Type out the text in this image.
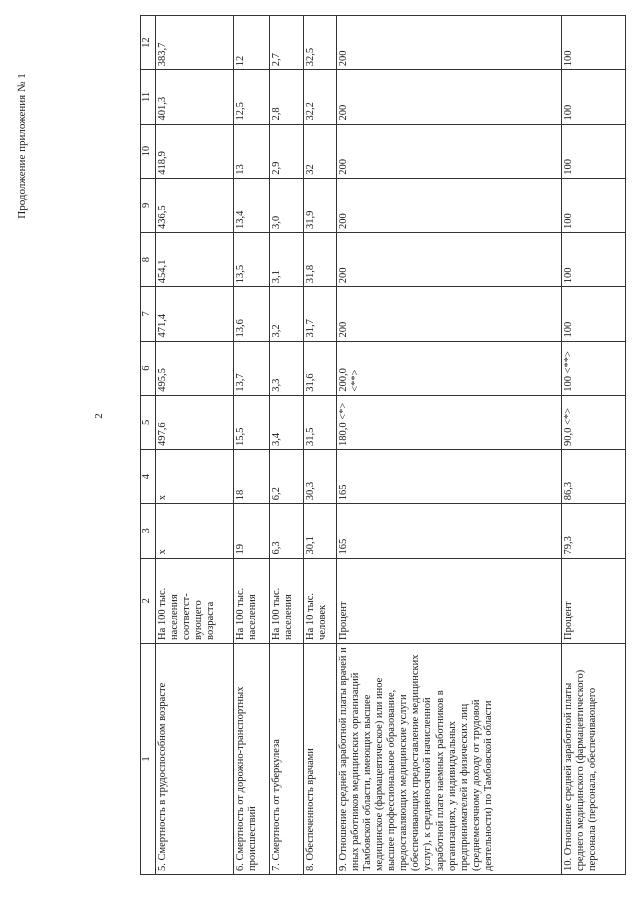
2
Продолжение приложения № 1
1	2	3	4	5	6	7	8	9	10	11	12
5. Смертность в трудоспособном возрасте	На 100 тыс. населения соответст-вующего возраста	х	х	497,6	495,5	471,4	454,1	436,5	418,9	401,3	383,7
6. Смертность от дорожно-транспортных происшествий	На 100 тыс. населения	19	18	15,5	13,7	13,6	13,5	13,4	13	12,5	12
7. Смертность от туберкулеза	На 100 тыс. населения	6,3	6,2	3,4	3,3	3,2	3,1	3,0	2,9	2,8	2,7
8. Обеспеченность врачами	На 10 тыс. человек	30,1	30,3	31,5	31,6	31,7	31,8	31,9	32	32,2	32,5
9. Отношение средней заработной платы врачей и иных работников медицинских организаций Тамбовской области, имеющих высшее медицинское (фармацевтическое) или иное высшее профессиональное образование, предоставляющих медицинские услуги (обеспечивающих предоставление медицинских услуг), к средненосячной начисленной заработной плате наемных работников в организациях, у индивидуальных предпринимателей и физических лиц (среднемесячному доходу от трудовой деятельности) по Тамбовской области	Процент	165	165	180,0 <*>	200,0 <**>	200	200	200	200	200	200
10. Отношение средней заработной платы среднего медицинского (фармацевтического) персонала (персонала, обеспечивающего	Процент	79,3	86,3	90,0 <*>	100 <**>	100	100	100	100	100	100
